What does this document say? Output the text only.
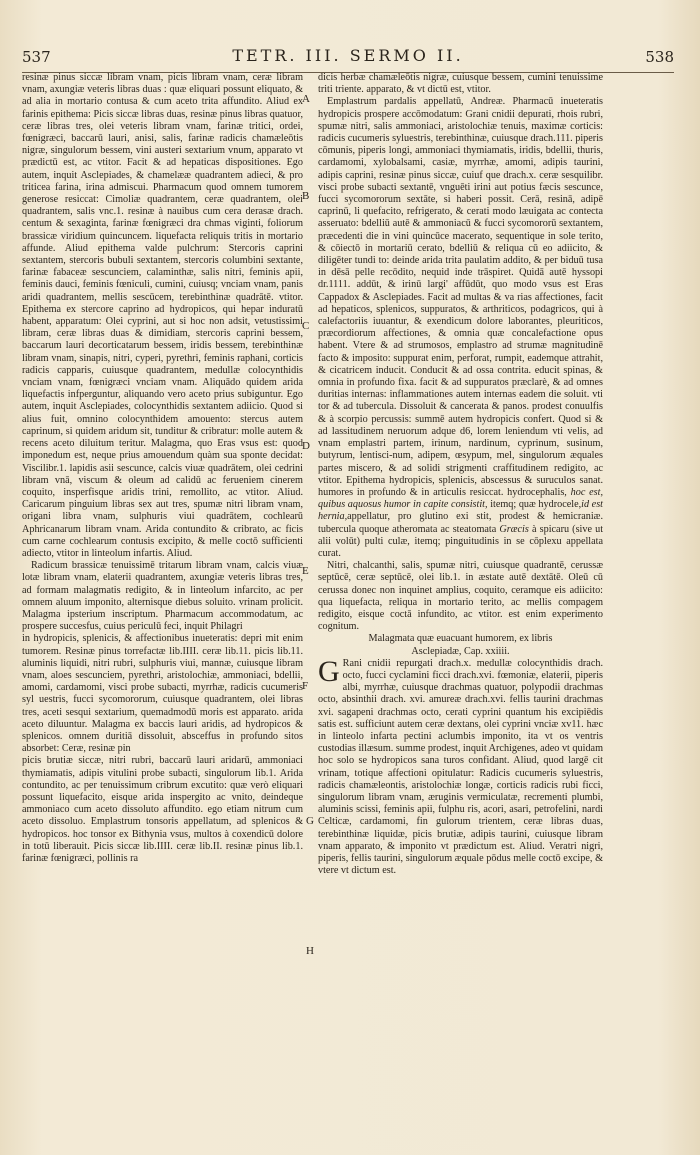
537	TETR. III. SERMO II.	538

resinæ pinus siccæ libram vnam, picis libram vnam, ceræ libram vnam, axungiæ veteris libras duas : quæ eliquari possunt eliquato, & ad alia in mortario contusa & cum aceto trita affundito. Aliud ex farinis epithema: Picis siccæ libras duas, resinæ pinus libras quatuor, ceræ libras tres, olei veteris libram vnam, farinæ tritici, ordei, fœnigræci, baccarū lauri, anisi, salis, farinæ radicis chamæleōtis nigræ, singulorum bessem, vini austeri sextarium vnum, apparato vt prædictū est, ac vtitor. Facit & ad hepaticas dispositiones. Ego autem, inquit Asclepiades, & chamelææ quadrantem adieci, & pro triticea farina, irina admiscui. Pharmacum quod omnem tumorem generose resiccat: Cimoliæ quadrantem, ceræ quadrantem, olei quadrantem, salis vnc.1. resinæ à nauibus cum cera derasæ drach. centum & sexaginta, farinæ fœnigræci dra chmas viginti, foliorum brassicæ viridium quincuncem. liquefacta reliquis tritis in mortario affunde. Aliud epithema valde pulchrum: Stercoris caprini sextantem, stercoris bubuli sextantem, stercoris columbini sextante, farinæ fabaceæ sescunciem, calaminthæ, salis nitri, feminis apii, feminis dauci, feminis fœniculi, cumini, cuiusq; vnciam vnam, panis aridi quadrantem, mellis sescūcem, terebinthinæ quadrātē. vtitor. Epithema ex stercore caprino ad hydropicos, qui hepar induratū habent, apparatum: Olei cyprini, aut si hoc non adsit, vetustissimi libram, ceræ libras duas & dimidiam, stercoris caprini bessem, baccarum lauri decorticatarum bessem, iridis bessem, terebinthinæ libram vnam, sinapis, nitri, cyperi, pyrethri, feminis raphani, corticis radicis capparis, cuiusque quadrantem, medullæ colocynthidis vnciam vnam, fœnigræci vnciam vnam. Aliquādo quidem arida liquefactis infperguntur, aliquando vero aceto prius subiguntur. Ego autem, inquit Asclepiades, colocynthidis sextantem adiicio. Quod si alius fuit, omnino colocynthidem amouento: stercus autem caprinum, si quidem aridum sit, tunditur & cribratur: molle autem & recens aceto diluitum teritur. Malagma, quo Eras vsus est: quod imponedum est, neque prius amouendum quàm sua sponte decidat: Viscilibr.1. lapidis asii sescunce, calcis viuæ quadrātem, olei cedrini libram vnā, viscum & oleum ad calidū ac ferueniem cinerem coquito, insperfisque aridis trini, remollito, ac vtitor. Aliud. Caricarum pinguium libras sex aut tres, spumæ nitri libram vnam, origani libra vnam, sulphuris viui quadrātem, cochlearū Aphricanarum libram vnam. Arida contundito & cribrato, ac ficis cum carne cochlearum contusis excipito, & melle coctō sufficienti adiecto, vtitor in linteolum infartis. Aliud.

Radicum brassicæ tenuissimē tritarum libram vnam, calcis viuæ lotæ libram vnam, elaterii quadrantem, axungiæ veteris libras tres, ad formam malagmatis redigito, & in linteolum infarcito, ac per omnem aluum imponito, alternisque diebus soluito. vrinam prolicit. Malagma ipsterium inscriptum. Pharmacum accommodatum, ac prospere succesfus, cuius periculū feci, inquit Philagri

in hydropicis, splenicis, & affectionibus inueteratis: depri mit enim tumorem. Resinæ pinus torrefactæ lib.IIII. ceræ lib.11. picis lib.11. aluminis liquidi, nitri rubri, sulphuris viui, mannæ, cuiusque libram vnam, aloes sescunciem, pyrethri, aristolochiæ, ammoniaci, bdellii, amomi, cardamomi, visci probe subacti, myrrhæ, radicis cucumeris syl uestris, fucci sycomororum, cuiusque quadrantem, olei libras tres, aceti sesqui sextarium, quemadmodū moris est apparato. arida aceto diluuntur. Malagma ex baccis lauri aridis, ad hydropicos & splenicos. omnem duritiā dissoluit, absceffus in profundo sitos absorbet: Ceræ, resinæ pin

picis brutiæ siccæ, nitri rubri, baccarū lauri aridarū, ammoniaci thymiamatis, adipis vitulini probe subacti, singulorum lib.1. Arida contundito, ac per tenuissimum cribrum excutito: quæ verò eliquari possunt liquefacito, eisque arida inspergito ac vnito, deindeque ammoniaco cum aceto dissoluto affundito. ego etiam nitrum cum aceto dissoluo. Emplastrum tonsoris appellatum, ad splenicos & hydropicos. hoc tonsor ex Bithynia vsus, multos à coxendicū dolore in totū liberauit. Picis siccæ lib.IIII. ceræ lib.II. resinæ pinus lib.1. farinæ fœnigræci, pollinis ra

A
B
C
D
E
F
G
H

dicis herbæ chamæleōtis nigræ, cuiusque bessem, cumini tenuissime triti triente. apparato, & vt dictū est, vtitor.

Emplastrum pardalis appellatū, Andreæ. Pharmacū inueteratis hydropicis prospere accōmodatum: Grani cnidii depurati, rhois rubri, spumæ nitri, salis ammoniaci, aristolochiæ tenuis, maximæ corticis: radicis cucumeris syluestris, terebinthinæ, cuiusque drach.111. piperis cōmunis, piperis longi, ammoniaci thymiamatis, iridis, bdellii, thuris, cardamomi, xylobalsami, casiæ, myrrhæ, amomi, adipis taurini, adipis caprini, resinæ pinus siccæ, cuiuf que drach.x. ceræ sesquilibr. visci probe subacti sextantē, vnguēti irini aut potius fæcis sescunce, fucci sycomororum sextāte, si haberi possit. Cerā, resinā, adipē caprinū, li quefacito, refrigerato, & cerati modo læuigata ac contecta asseruato: bdelliū autē & ammoniacū & fucci sycomororū sextantem, præcedenti die in vini quincūce macerato, sequentique in sole terito, & cōiectō in mortariū cerato, bdelliū & reliqua cū eo adiicito, & diligēter tundi to: deinde arida trita paulatim addito, & per biduū tusa in dēsā pelle recōdito, nequid inde trāspiret. Quidā autē hyssopi dr.1111. addūt, & irinū largi' affūdūt, quo modo vsus est Eras Cappadox & Asclepiades. Facit ad multas & va rias affectiones, facit ad hepaticos, splenicos, suppuratos, & arthriticos, podagricos, qui à calefactoriis iuuantur, & exendicum dolore laborantes, pleuriticos, præcordiorum affectiones, & omnia quæ concalefactione opus habent. Vtere & ad strumosos, emplastro ad strumæ magnitudinē facto & imposito: suppurat enim, perforat, rumpit, eademque attrahit, & cicatricem inducit. Conducit & ad ossa contrita. educit spinas, & omnia in profundo fixa. facit & ad suppuratos præclarè, & ad omnes duritias internas: inflammationes autem internas eadem die soluit. vti tor & ad tubercula. Dissoluit & cancerata & panos. prodest conuulfis & à scorpio percussis: summē autem hydropicis confert. Quod si & ad lassitudinem neruorum adque d6, lorem leniendum vti velis, ad vnam emplastri partem, irinum, nardinum, cyprinum, susinum, butyrum, lentisci-num, adipem, œsypum, mel, singulorum æquales partes miscero, & ad solidi strigmenti craffitudinem redigito, ac vtitor. Epithema hydropicis, splenicis, abscessus & suruculos sanat. humores in profundo & in articulis resiccat. hydrocephalis, hoc est, quibus aquosus humor in capite consistit, itemq; quæ hydrocele,id est hernia,appellatur, pro glutino exi stit, prodest & hemicraniæ. tubercula quoque atheromata ac steatomata Græcis à spicaru (sive ut alii volūt) pulti culæ, itemq; pinguitudinis in se cōplexu appellata curat.

Nitri, chalcanthi, salis, spumæ nitri, cuiusque quadrantē, cerussæ septūcē, ceræ septūcē, olei lib.1. in æstate autē dextātē. Oleū cū cerussa donec non inquinet amplius, coquito, ceramque eis adiicito: qua liquefacta, reliqua in mortario terito, ac mellis compagem redigito, eisque coctā infundito, ac vtitor. est enim experimento cognitum.

Malagmata quæ euacuant humorem, ex libris

Asclepiadæ, Cap. xxiiii.

G Rani cnidii repurgati drach.x. medullæ colocynthidis drach. octo, fucci cyclamini ficci drach.xvi. fœmoniæ, elaterii, piperis albi, myrrhæ, cuiusque drachmas quatuor, polypodii drachmas octo, absinthii drach. xvi. amureæ drach.xvi. fellis taurini drachmas xvi. sagapeni drachmas octo, cerati cyprini quantum his excipiēdis satis est. sufficiunt autem ceræ dextans, olei cyprini vnciæ xv11. hæc in linteolo infarta pectini aclumbis imponito, ita vt os ventris custodias illæsum. summe prodest, inquit Archigenes, adeo vt quidam hoc solo se hydropicos sana turos confidant. Aliud, quod largē cit vrinam, totique affectioni opitulatur: Radicis cucumeris syluestris, radicis chamæleontis, aristolochiæ longæ, corticis radicis rubi ficci, singulorum libram vnam, æruginis vermiculatæ, recrementi plumbi, aluminis scissi, feminis apii, fulphu ris, acori, asari, petrofelini, nardi Celticæ, cardamomi, fin gulorum trientem, ceræ libras duas, terebinthinæ liquidæ, picis brutiæ, adipis taurini, cuiusque libram vnam apparato, & imponito vt prædictum est. Aliud. Veratri nigri, piperis, fellis taurini, singulorum æquale pōdus melle coctō excipe, & vtere vt dictum est.
